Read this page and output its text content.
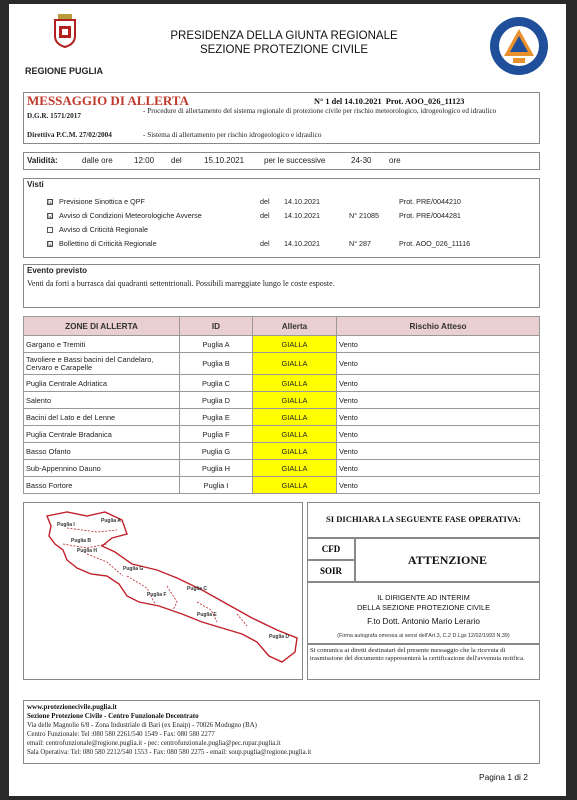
REGIONE PUGLIA
PRESIDENZA DELLA GIUNTA REGIONALE
SEZIONE PROTEZIONE CIVILE
MESSAGGIO DI ALLERTA	N° 1 del 14.10.2021  Prot. AOO_026_11123
D.G.R. 1571/2017
- Procedure di allertamento del sistema regionale di protezione civile per rischio meteorologico, idrogeologico ed idraulico
Direttiva P.C.M. 27/02/2004	- Sistema di allertamento per rischio idrogeologico e idraulico
Validità:	dalle ore	12:00 del	15.10.2021 per le successive	24-30 ore
Visti
☑ Previsione Sinottica e QPF	del 14.10.2021	Prot. PRE/0044210
☑ Avviso di Condizioni Meteorologiche Avverse	del 14.10.2021	N° 21085	Prot. PRE/0044281
Avviso di Criticità Regionale
☑ Bollettino di Criticità Regionale	del 14.10.2021	N° 287	Prot. AOO_026_11116
Evento previsto
Venti da forti a burrasca dai quadranti settentrionali. Possibili mareggiate lungo le coste esposte.
ZONE DI ALLERTA	ID	Allerta	Rischio Atteso
Gargano e Tremiti	Puglia A	GIALLA	Vento
Tavoliere e Bassi bacini del Candelaro, Cervaro e Carapelle	Puglia B	GIALLA	Vento
Puglia Centrale Adriatica	Puglia C	GIALLA	Vento
Salento	Puglia D	GIALLA	Vento
Bacini del Lato e del Lenne	Puglia E	GIALLA	Vento
Puglia Centrale Bradanica	Puglia F	GIALLA	Vento
Basso Ofanto	Puglia G	GIALLA	Vento
Sub-Appennino Dauno	Puglia H	GIALLA	Vento
Basso Fortore	Puglia I	GIALLA	Vento
Puglia A
Puglia I
Puglia B
Puglia H
Puglia G
Puglia C
Puglia F
Puglia E
Puglia D
SI DICHIARA LA SEGUENTE FASE OPERATIVA:
CFD
SOIR
ATTENZIONE
IL DIRIGENTE AD INTERIM
DELLA SEZIONE PROTEZIONE CIVILE
F.to Dott. Antonio Mario Lerario
(Firma autografa omessa ai sensi dell'Art.3, C.2 D.Lgs 12/02/1993 N.39)
Si comunica ai diretti destinatari del presente messaggio che la ricevuta di trasmissione del documento rappresenterà la certificazione dell'avvenuta notifica.
www.protezionecivile.puglia.it
Sezione Protezione Civile - Centro Funzionale Decentrato
Via delle Magnolie 6/8 - Zona Industriale di Bari (ex Enaip) - 70026 Modugno (BA)
Centro Funzionale: Tel :080 580 2261/540 1549 - Fax: 080 580 2277
email: centrofunzionale@regione.puglia.it - pec: centrofunzionale.puglia@pec.rupar.puglia.it
Sala Operativa: Tel: 080 580 2212/540 1553 - Fax: 080 580 2275 - email: soup.puglia@regione.puglia.it
Pagina 1 di 2
